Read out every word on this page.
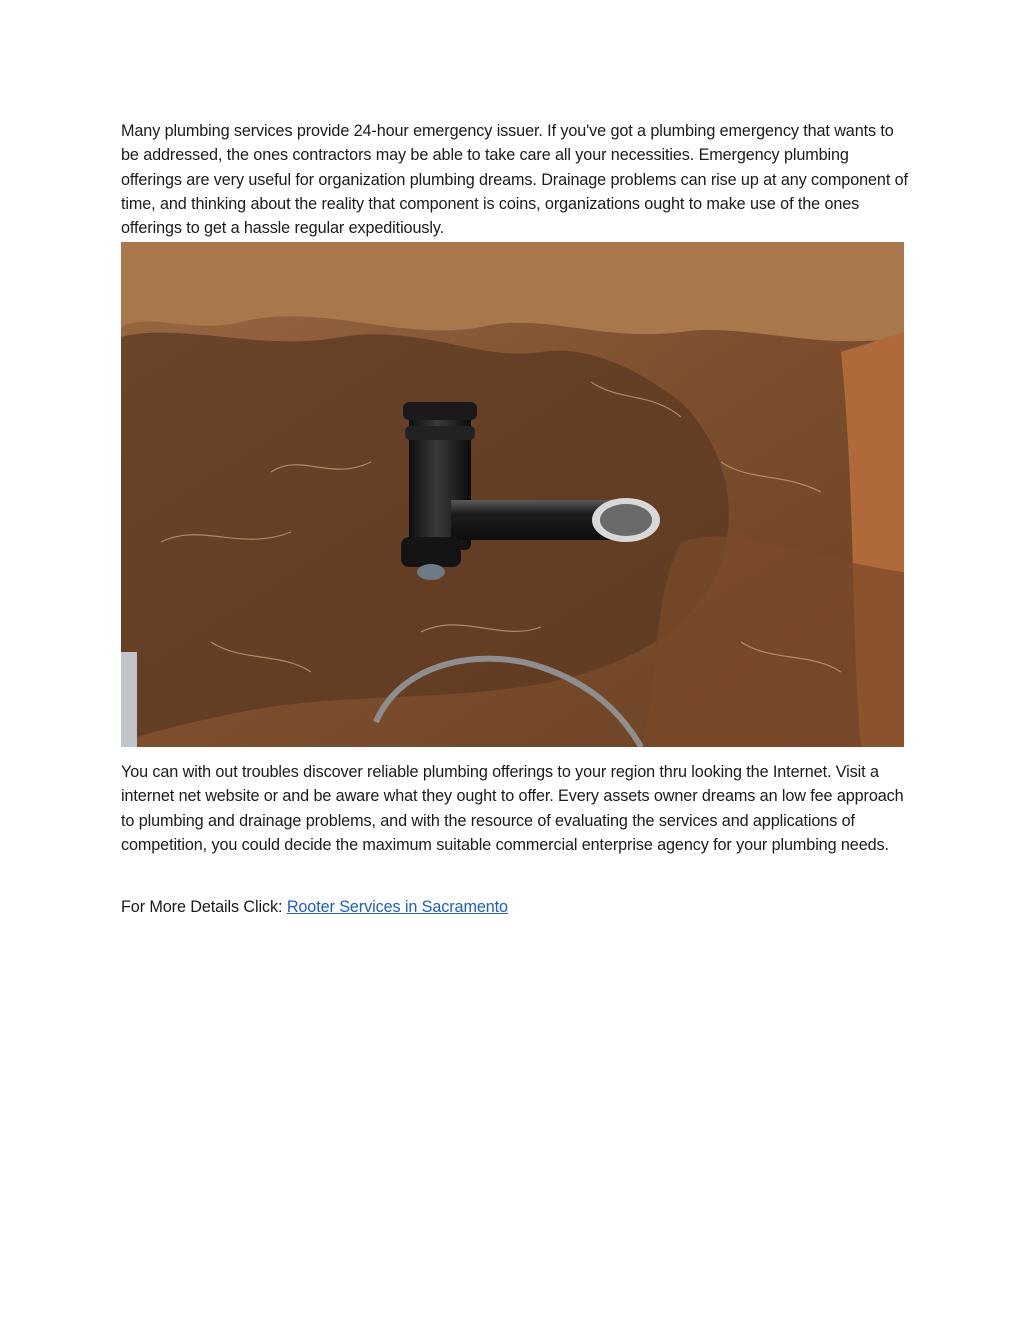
Many plumbing services provide 24-hour emergency issuer. If you've got a plumbing emergency that wants to be addressed, the ones contractors may be able to take care all your necessities. Emergency plumbing offerings are very useful for organization plumbing dreams. Drainage problems can rise up at any component of time, and thinking about the reality that component is coins, organizations ought to make use of the ones offerings to get a hassle regular expeditiously.

You can with out troubles discover reliable plumbing offerings to your region thru looking the Internet. Visit a internet net website or and be aware what they ought to offer. Every assets owner dreams an low fee approach to plumbing and drainage problems, and with the resource of evaluating the services and applications of competition, you could decide the maximum suitable commercial enterprise agency for your plumbing needs.

For More Details Click: Rooter Services in Sacramento
